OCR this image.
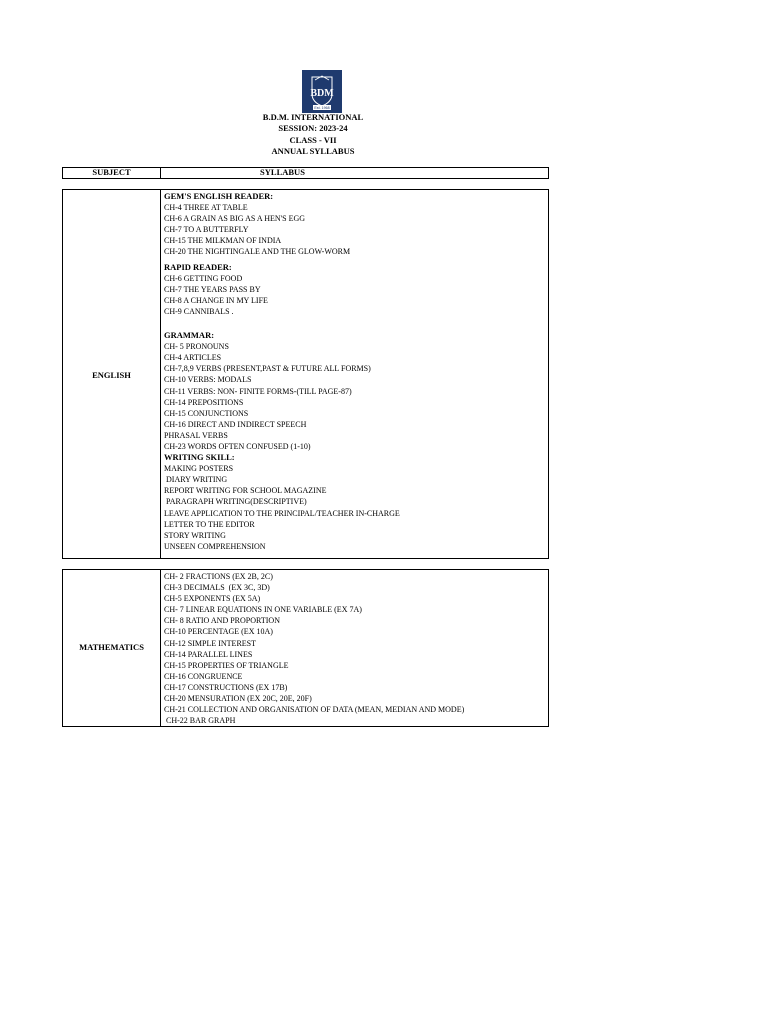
BDM
Est. 1968
B.D.M. INTERNATIONAL
SESSION: 2023-24
CLASS - VII
ANNUAL SYLLABUS
SUBJECT	SYLLABUS
ENGLISH
GEM'S ENGLISH READER:
CH-4 THREE AT TABLE
CH-6 A GRAIN AS BIG AS A HEN'S EGG
CH-7 TO A BUTTERFLY
CH-15 THE MILKMAN OF INDIA
CH-20 THE NIGHTINGALE AND THE GLOW-WORM
RAPID READER:
CH-6 GETTING FOOD
CH-7 THE YEARS PASS BY
CH-8 A CHANGE IN MY LIFE
CH-9 CANNIBALS .
GRAMMAR:
CH- 5 PRONOUNS
CH-4 ARTICLES
CH-7,8,9 VERBS (PRESENT,PAST & FUTURE ALL FORMS)
CH-10 VERBS: MODALS
CH-11 VERBS: NON- FINITE FORMS-(TILL PAGE-87)
CH-14 PREPOSITIONS
CH-15 CONJUNCTIONS
CH-16 DIRECT AND INDIRECT SPEECH
PHRASAL VERBS
CH-23 WORDS OFTEN CONFUSED (1-10)
WRITING SKILL:
MAKING POSTERS
DIARY WRITING
REPORT WRITING FOR SCHOOL MAGAZINE
PARAGRAPH WRITING(DESCRIPTIVE)
LEAVE APPLICATION TO THE PRINCIPAL/TEACHER IN-CHARGE
LETTER TO THE EDITOR
STORY WRITING
UNSEEN COMPREHENSION
MATHEMATICS
CH- 2 FRACTIONS (EX 2B, 2C)
CH-3 DECIMALS  (EX 3C, 3D)
CH-5 EXPONENTS (EX 5A)
CH- 7 LINEAR EQUATIONS IN ONE VARIABLE (EX 7A)
CH- 8 RATIO AND PROPORTION
CH-10 PERCENTAGE (EX 10A)
CH-12 SIMPLE INTEREST
CH-14 PARALLEL LINES
CH-15 PROPERTIES OF TRIANGLE
CH-16 CONGRUENCE
CH-17 CONSTRUCTIONS (EX 17B)
CH-20 MENSURATION (EX 20C, 20E, 20F)
CH-21 COLLECTION AND ORGANISATION OF DATA (MEAN, MEDIAN AND MODE)
CH-22 BAR GRAPH
